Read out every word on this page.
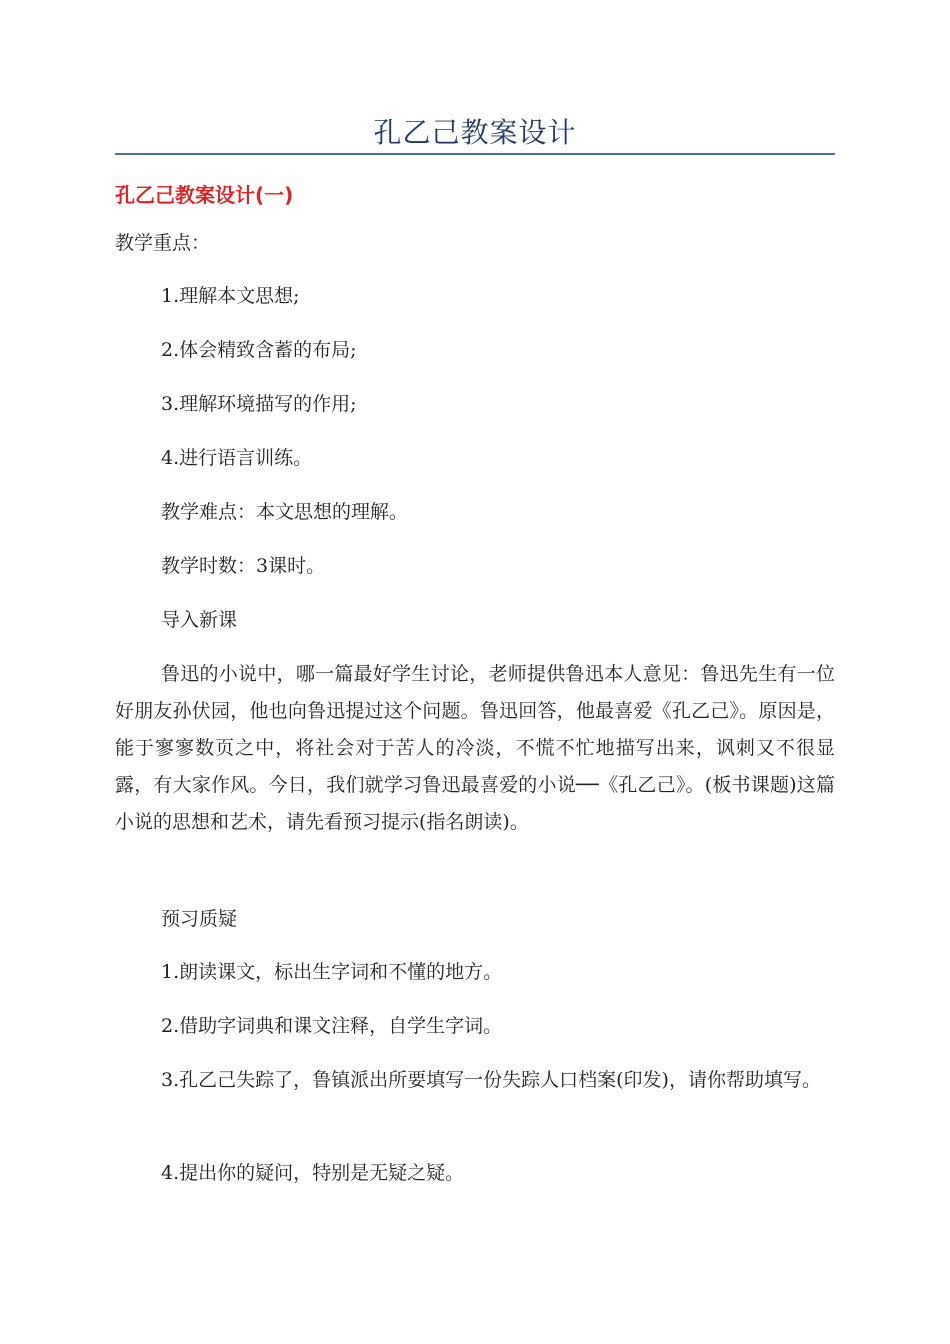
孔乙己教案设计
孔乙己教案设计(一)
教学重点：
1.理解本文思想;
2.体会精致含蓄的布局;
3.理解环境描写的作用;
4.进行语言训练。
教学难点：本文思想的理解。
教学时数：3课时。
导入新课
鲁迅的小说中，哪一篇最好学生讨论，老师提供鲁迅本人意见：鲁迅先生有一位好朋友孙伏园，他也向鲁迅提过这个问题。鲁迅回答，他最喜爱《孔乙己》。原因是，能于寥寥数页之中，将社会对于苦人的冷淡，不慌不忙地描写出来，讽刺又不很显露，有大家作风。今日，我们就学习鲁迅最喜爱的小说──《孔乙己》。(板书课题)这篇小说的思想和艺术，请先看预习提示(指名朗读)。
预习质疑
1.朗读课文，标出生字词和不懂的地方。
2.借助字词典和课文注释，自学生字词。
3.孔乙己失踪了，鲁镇派出所要填写一份失踪人口档案(印发)，请你帮助填写。
4.提出你的疑问，特别是无疑之疑。
